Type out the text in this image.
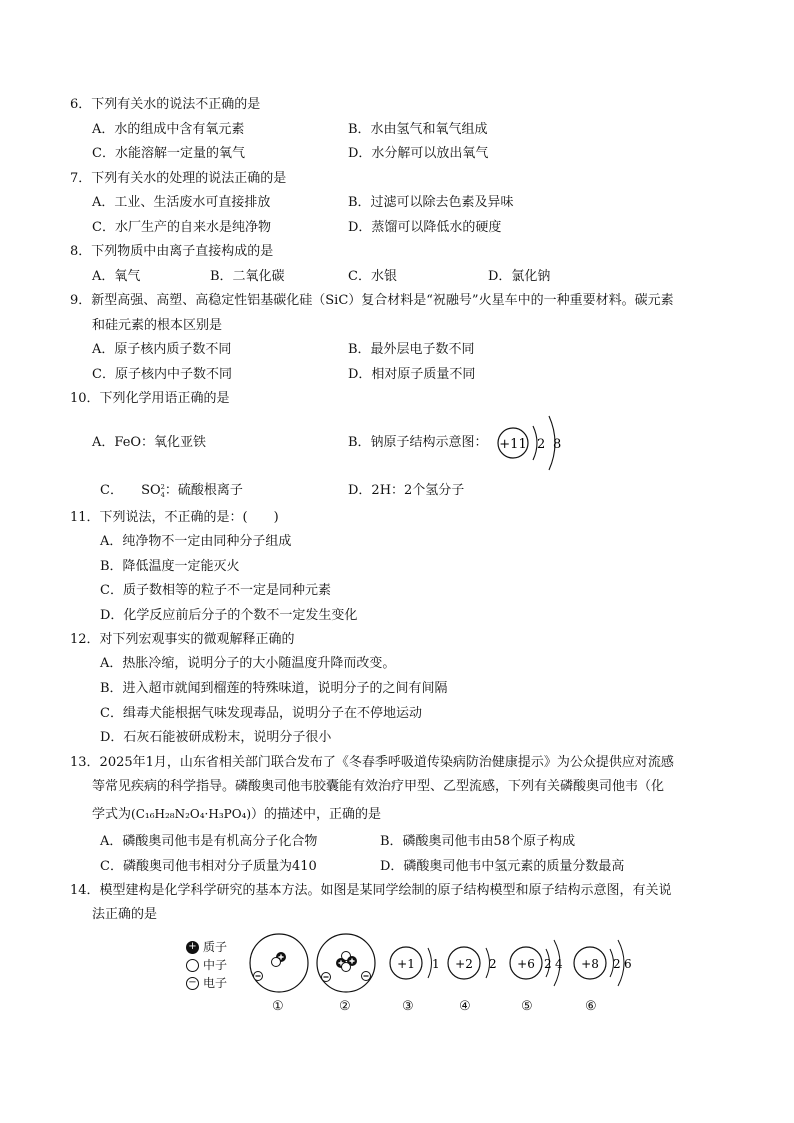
6．下列有关水的说法不正确的是
A．水的组成中含有氧元素	B．水由氢气和氧气组成
C．水能溶解一定量的氧气	D．水分解可以放出氧气
7．下列有关水的处理的说法正确的是
A．工业、生活废水可直接排放	B．过滤可以除去色素及异味
C．水厂生产的自来水是纯净物	D．蒸馏可以降低水的硬度
8．下列物质中由离子直接构成的是
A．氧气	B．二氧化碳	C．水银	D．氯化钠
9．新型高强、高塑、高稳定性铝基碳化硅（SiC）复合材料是“祝融号”火星车中的一种重要材料。碳元素
和硅元素的根本区别是
A．原子核内质子数不同	B．最外层电子数不同
C．原子核内中子数不同	D．相对原子质量不同
10．下列化学用语正确的是
A．FeO：氧化亚铁	B．钠原子结构示意图： +11 2 8
C． SO 2
4 ：硫酸根离子	D．2H：2个氢分子
11．下列说法，不正确的是：(　　)
A．纯净物不一定由同种分子组成
B．降低温度一定能灭火
C．质子数相等的粒子不一定是同种元素
D．化学反应前后分子的个数不一定发生变化
12．对下列宏观事实的微观解释正确的
A．热胀冷缩，说明分子的大小随温度升降而改变。
B．进入超市就闻到榴莲的特殊味道，说明分子的之间有间隔
C．缉毒犬能根据气味发现毒品，说明分子在不停地运动
D．石灰石能被研成粉末，说明分子很小
13．2025年1月，山东省相关部门联合发布了《冬春季呼吸道传染病防治健康提示》为公众提供应对流感
等常见疾病的科学指导。磷酸奥司他韦胶囊能有效治疗甲型、乙型流感，下列有关磷酸奥司他韦（化
学式为(C₁₆H₂₈N₂O₄·H₃PO₄)）的描述中，正确的是
A．磷酸奥司他韦是有机高分子化合物	B．磷酸奥司他韦由58个原子构成
C．磷酸奥司他韦相对分子质量为410	D．磷酸奥司他韦中氢元素的质量分数最高
14．模型建构是化学科学研究的基本方法。如图是某同学绘制的原子结构模型和原子结构示意图，有关说
法正确的是
+ 质子
中子
− 电子
+1 1 +2 2 +6 2 4 +8 2 6
①	②	③	④	⑤	⑥
